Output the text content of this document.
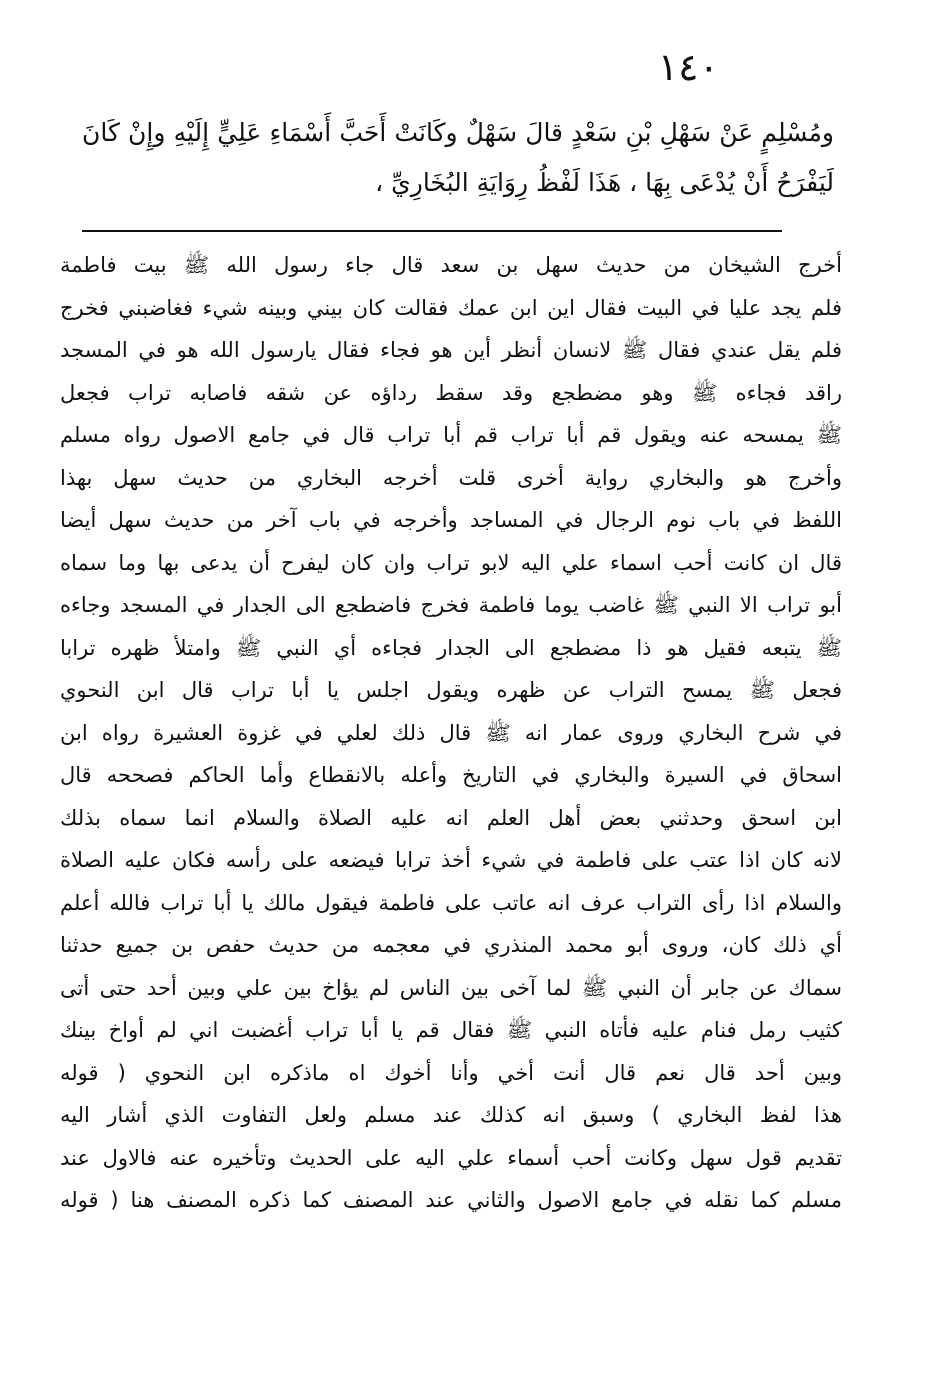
١٤٠
ومُسْلِمٍ عَنْ سَهْلِ بْنِ سَعْدٍ قالَ سَهْلٌ وكَانَتْ أَحَبَّ أَسْمَاءِ عَلِيٍّ إِلَيْهِ وإِنْ كَانَ
لَيَفْرَحُ أَنْ يُدْعَى بِهَا ، هَذَا لَفْظُ رِوَايَةِ البُخَارِيِّ ،
أخرج الشيخان من حديث سهل بن سعد قال جاء رسول الله ﷺ بيت فاطمة
فلم يجد عليا في البيت فقال اين ابن عمك فقالت كان بيني وبينه شيء فغاضبني فخرج
فلم يقل عندي فقال ﷺ لانسان أنظر أين هو فجاء فقال يارسول الله هو في المسجد
راقد فجاءه ﷺ وهو مضطجع وقد سقط رداؤه عن شقه فاصابه تراب فجعل
ﷺ يمسحه عنه ويقول قم أبا تراب قم أبا تراب قال في جامع الاصول رواه مسلم
وأخرج هو والبخاري رواية أخرى قلت أخرجه البخاري من حديث سهل بهذا
اللفظ في باب نوم الرجال في المساجد وأخرجه في باب آخر من حديث سهل أيضا
قال ان كانت أحب اسماء علي اليه لابو تراب وان كان ليفرح أن يدعى بها وما سماه
أبو تراب الا النبي ﷺ غاضب يوما فاطمة فخرج فاضطجع الى الجدار في المسجد وجاءه
ﷺ يتبعه فقيل هو ذا مضطجع الى الجدار فجاءه أي النبي ﷺ وامتلأ ظهره ترابا
فجعل ﷺ يمسح التراب عن ظهره ويقول اجلس يا أبا تراب قال ابن النحوي
في شرح البخاري وروى عمار انه ﷺ قال ذلك لعلي في غزوة العشيرة رواه ابن
اسحاق في السيرة والبخاري في التاريخ وأعله بالانقطاع وأما الحاكم فصححه قال
ابن اسحق وحدثني بعض أهل العلم انه عليه الصلاة والسلام انما سماه بذلك
لانه كان اذا عتب على فاطمة في شيء أخذ ترابا فيضعه على رأسه فكان عليه الصلاة
والسلام اذا رأى التراب عرف انه عاتب على فاطمة فيقول مالك يا أبا تراب فالله أعلم
أي ذلك كان، وروى أبو محمد المنذري في معجمه من حديث حفص بن جميع حدثنا
سماك عن جابر أن النبي ﷺ لما آخى بين الناس لم يؤاخ بين علي وبين أحد حتى أتى
كثيب رمل فنام عليه فأتاه النبي ﷺ فقال قم يا أبا تراب أغضبت اني لم أواخ بينك
وبين أحد قال نعم قال أنت أخي وأنا أخوك اه ماذكره ابن النحوي ( قوله
هذا لفظ البخاري ) وسبق انه كذلك عند مسلم ولعل التفاوت الذي أشار اليه
تقديم قول سهل وكانت أحب أسماء علي اليه على الحديث وتأخيره عنه فالاول عند
مسلم كما نقله في جامع الاصول والثاني عند المصنف كما ذكره المصنف هنا ( قوله
